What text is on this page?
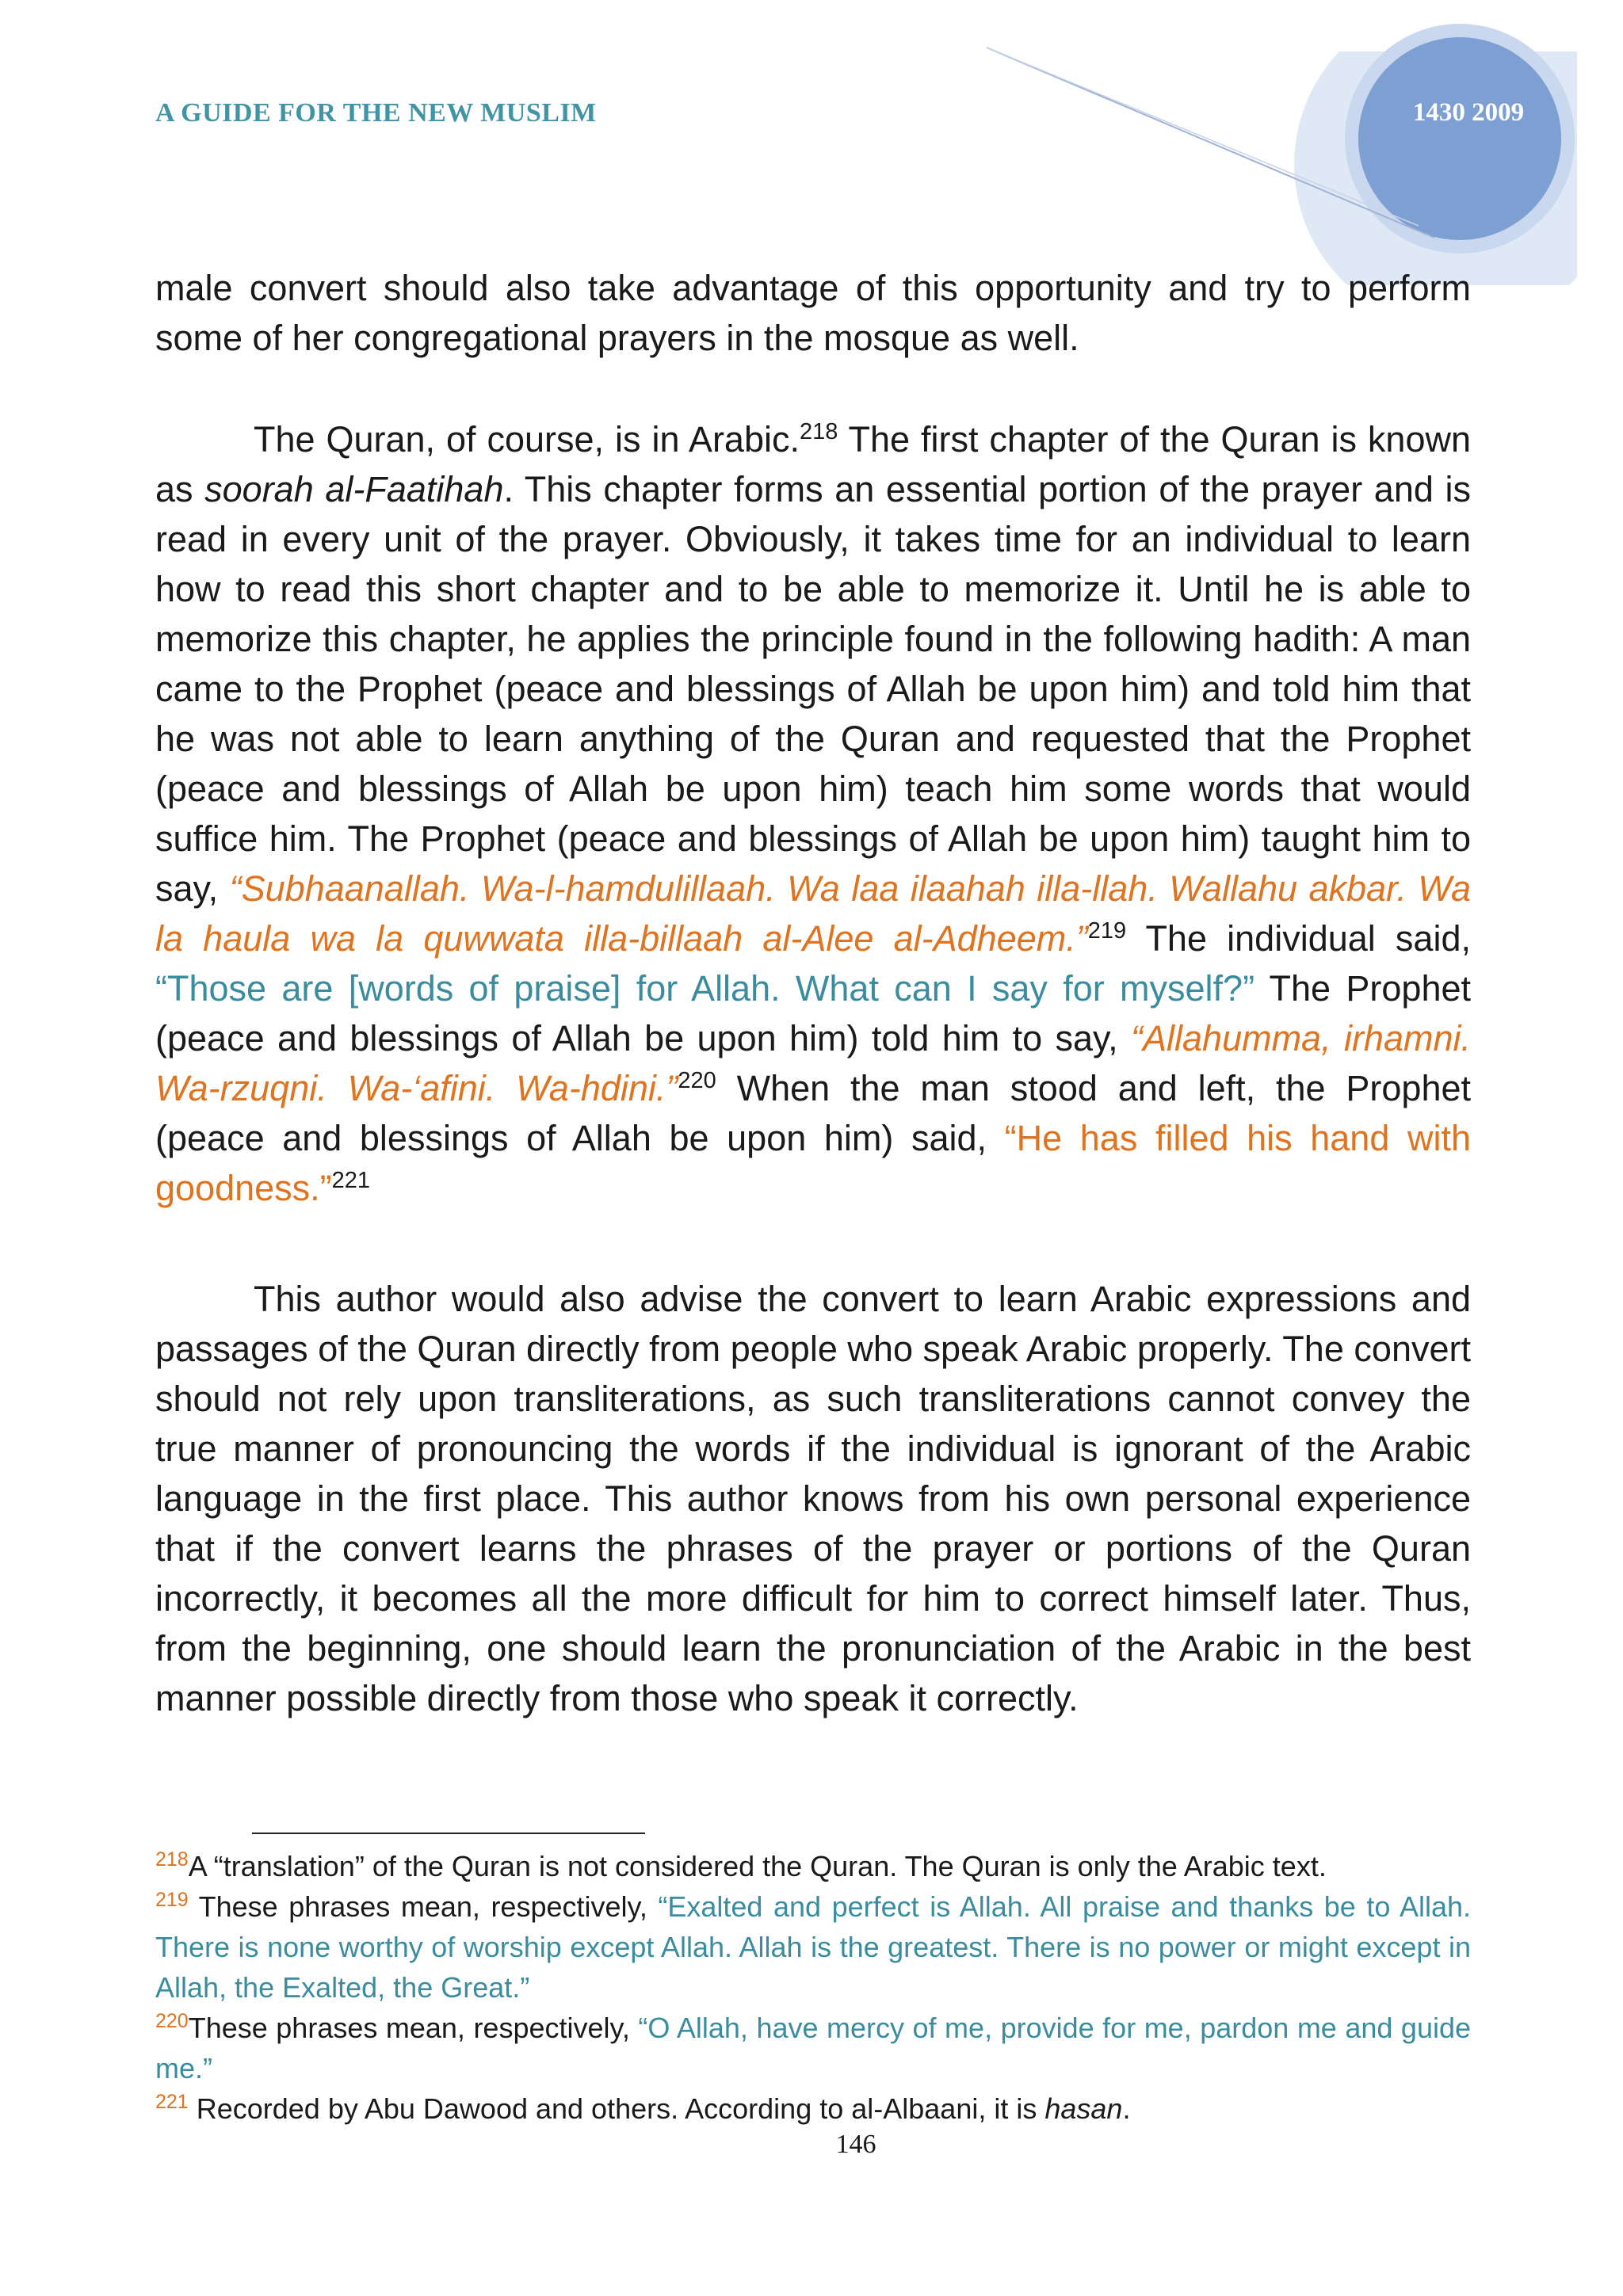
A GUIDE FOR THE NEW MUSLIM	1430 2009

male convert should also take advantage of this opportunity and try to perform some of her congregational prayers in the mosque as well.

The Quran, of course, is in Arabic.$^{218}$ The first chapter of the Quran is known as soorah al-Faatihah. This chapter forms an essential portion of the prayer and is read in every unit of the prayer. Obviously, it takes time for an individual to learn how to read this short chapter and to be able to memorize it. Until he is able to memorize this chapter, he applies the principle found in the following hadith: A man came to the Prophet (peace and blessings of Allah be upon him) and told him that he was not able to learn anything of the Quran and requested that the Prophet (peace and blessings of Allah be upon him) teach him some words that would suffice him. The Prophet (peace and blessings of Allah be upon him) taught him to say, “Subhaanallah. Wa-l-hamdulillaah. Wa laa ilaahah illa-llah. Wallahu akbar. Wa la haula wa la quwwata illa-billaah al-Alee al-Adheem.”$^{219}$ The individual said, “Those are [words of praise] for Allah. What can I say for myself?” The Prophet (peace and blessings of Allah be upon him) told him to say, “Allahumma, irhamni. Wa-rzuqni. Wa-‘afini. Wa-hdini.”$^{220}$ When the man stood and left, the Prophet (peace and blessings of Allah be upon him) said, “He has filled his hand with goodness.”$^{221}$

This author would also advise the convert to learn Arabic expressions and passages of the Quran directly from people who speak Arabic properly. The convert should not rely upon transliterations, as such transliterations cannot convey the true manner of pronouncing the words if the individual is ignorant of the Arabic language in the first place. This author knows from his own personal experience that if the convert learns the phrases of the prayer or portions of the Quran incorrectly, it becomes all the more difficult for him to correct himself later. Thus, from the beginning, one should learn the pronunciation of the Arabic in the best manner possible directly from those who speak it correctly.

$^{218}$A “translation” of the Quran is not considered the Quran. The Quran is only the Arabic text.

$^{219}$ These phrases mean, respectively, “Exalted and perfect is Allah. All praise and thanks be to Allah. There is none worthy of worship except Allah. Allah is the greatest. There is no power or might except in Allah, the Exalted, the Great.”

$^{220}$These phrases mean, respectively, “O Allah, have mercy of me, provide for me, pardon me and guide me.”

$^{221}$ Recorded by Abu Dawood and others. According to al-Albaani, it is hasan.

146
